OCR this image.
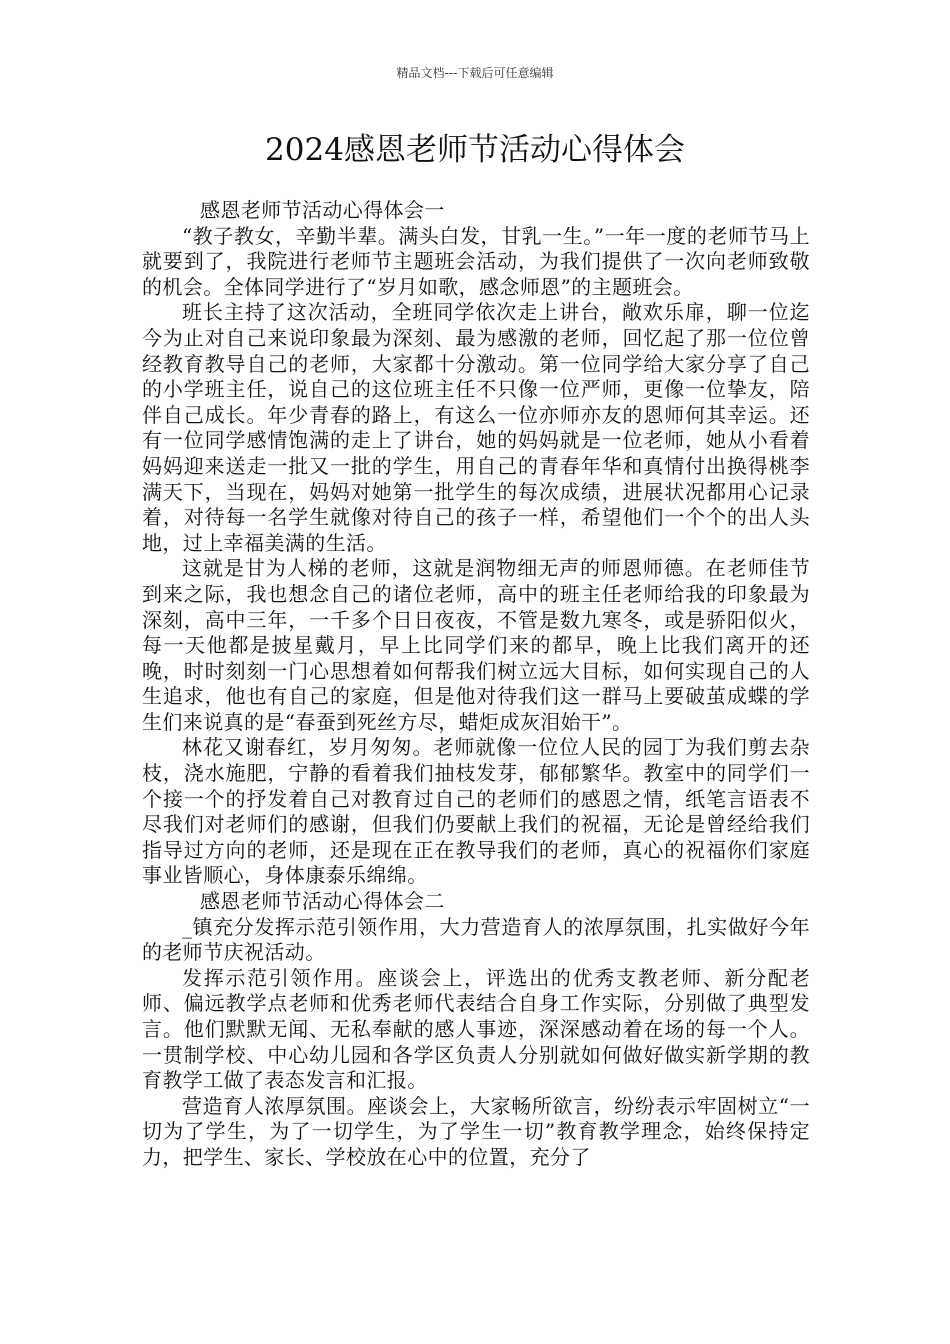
精品文档---下载后可任意编辑
2024感恩老师节活动心得体会

感恩老师节活动心得体会一

“教子教女，辛勤半辈。满头白发，甘乳一生。”一年一度的老师节马上就要到了，我院进行老师节主题班会活动，为我们提供了一次向老师致敬的机会。全体同学进行了“岁月如歌，感念师恩”的主题班会。

班长主持了这次活动，全班同学依次走上讲台，敞欢乐扉，聊一位迄今为止对自己来说印象最为深刻、最为感激的老师，回忆起了那一位位曾经教育教导自己的老师，大家都十分激动。第一位同学给大家分享了自己的小学班主任，说自己的这位班主任不只像一位严师，更像一位挚友，陪伴自己成长。年少青春的路上，有这么一位亦师亦友的恩师何其幸运。还有一位同学感情饱满的走上了讲台，她的妈妈就是一位老师，她从小看着妈妈迎来送走一批又一批的学生，用自己的青春年华和真情付出换得桃李满天下，当现在，妈妈对她第一批学生的每次成绩，进展状况都用心记录着，对待每一名学生就像对待自己的孩子一样，希望他们一个个的出人头地，过上幸福美满的生活。

这就是甘为人梯的老师，这就是润物细无声的师恩师德。在老师佳节到来之际，我也想念自己的诸位老师，高中的班主任老师给我的印象最为深刻，高中三年，一千多个日日夜夜，不管是数九寒冬，或是骄阳似火，每一天他都是披星戴月，早上比同学们来的都早，晚上比我们离开的还晚，时时刻刻一门心思想着如何帮我们树立远大目标，如何实现自己的人生追求，他也有自己的家庭，但是他对待我们这一群马上要破茧成蝶的学生们来说真的是“春蚕到死丝方尽，蜡炬成灰泪始干”。

林花又谢春红，岁月匆匆。老师就像一位位人民的园丁为我们剪去杂枝，浇水施肥，宁静的看着我们抽枝发芽，郁郁繁华。教室中的同学们一个接一个的抒发着自己对教育过自己的老师们的感恩之情，纸笔言语表不尽我们对老师们的感谢，但我们仍要献上我们的祝福，无论是曾经给我们指导过方向的老师，还是现在正在教导我们的老师，真心的祝福你们家庭事业皆顺心，身体康泰乐绵绵。

感恩老师节活动心得体会二

_镇充分发挥示范引领作用，大力营造育人的浓厚氛围，扎实做好今年的老师节庆祝活动。

发挥示范引领作用。座谈会上，评选出的优秀支教老师、新分配老师、偏远教学点老师和优秀老师代表结合自身工作实际，分别做了典型发言。他们默默无闻、无私奉献的感人事迹，深深感动着在场的每一个人。一贯制学校、中心幼儿园和各学区负责人分别就如何做好做实新学期的教育教学工做了表态发言和汇报。

营造育人浓厚氛围。座谈会上，大家畅所欲言，纷纷表示牢固树立“一切为了学生，为了一切学生，为了学生一切”教育教学理念，始终保持定力，把学生、家长、学校放在心中的位置，充分了
